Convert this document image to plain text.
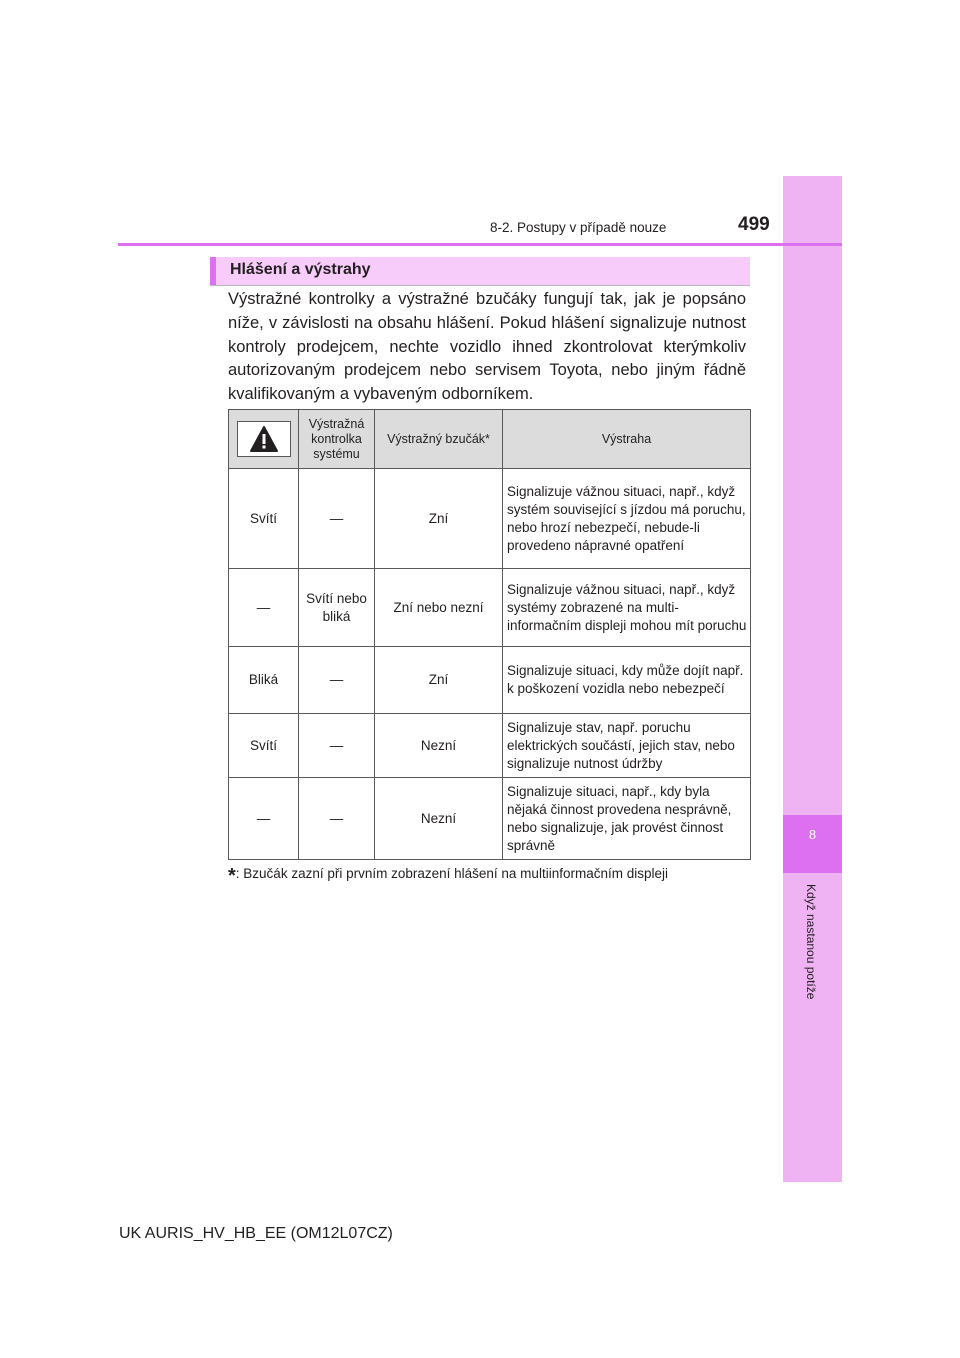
8
Když nastanou potíže
8-2. Postupy v případě nouze	499
Hlášení a výstrahy

Výstražné kontrolky a výstražné bzučáky fungují tak, jak je popsáno níže, v závislosti na obsahu hlášení. Pokud hlášení signalizuje nutnost kontroly prodejcem, nechte vozidlo ihned zkontrolovat kterýmkoliv autorizovaným prodejcem nebo servisem Toyota, nebo jiným řádně kvalifikovaným a vybaveným odborníkem.

	Výstražná kontrolka systému	Výstražný bzučák*	Výstraha
Svítí	—	Zní	Signalizuje vážnou situaci, např., když systém související s jízdou má poruchu, nebo hrozí nebezpečí, nebude-li provedeno nápravné opatření
—	Svítí nebo bliká	Zní nebo nezní	Signalizuje vážnou situaci, např., když systémy zobrazené na multiinformačním displeji mohou mít poruchu
Bliká	—	Zní	Signalizuje situaci, kdy může dojít např. k poškození vozidla nebo nebezpečí
Svítí	—	Nezní	Signalizuje stav, např. poruchu elektrických součástí, jejich stav, nebo signalizuje nutnost údržby
—	—	Nezní	Signalizuje situaci, např., kdy byla nějaká činnost provedena nesprávně, nebo signalizuje, jak provést činnost správně
*: Bzučák zazní při prvním zobrazení hlášení na multiinformačním displeji
UK AURIS_HV_HB_EE (OM12L07CZ)
